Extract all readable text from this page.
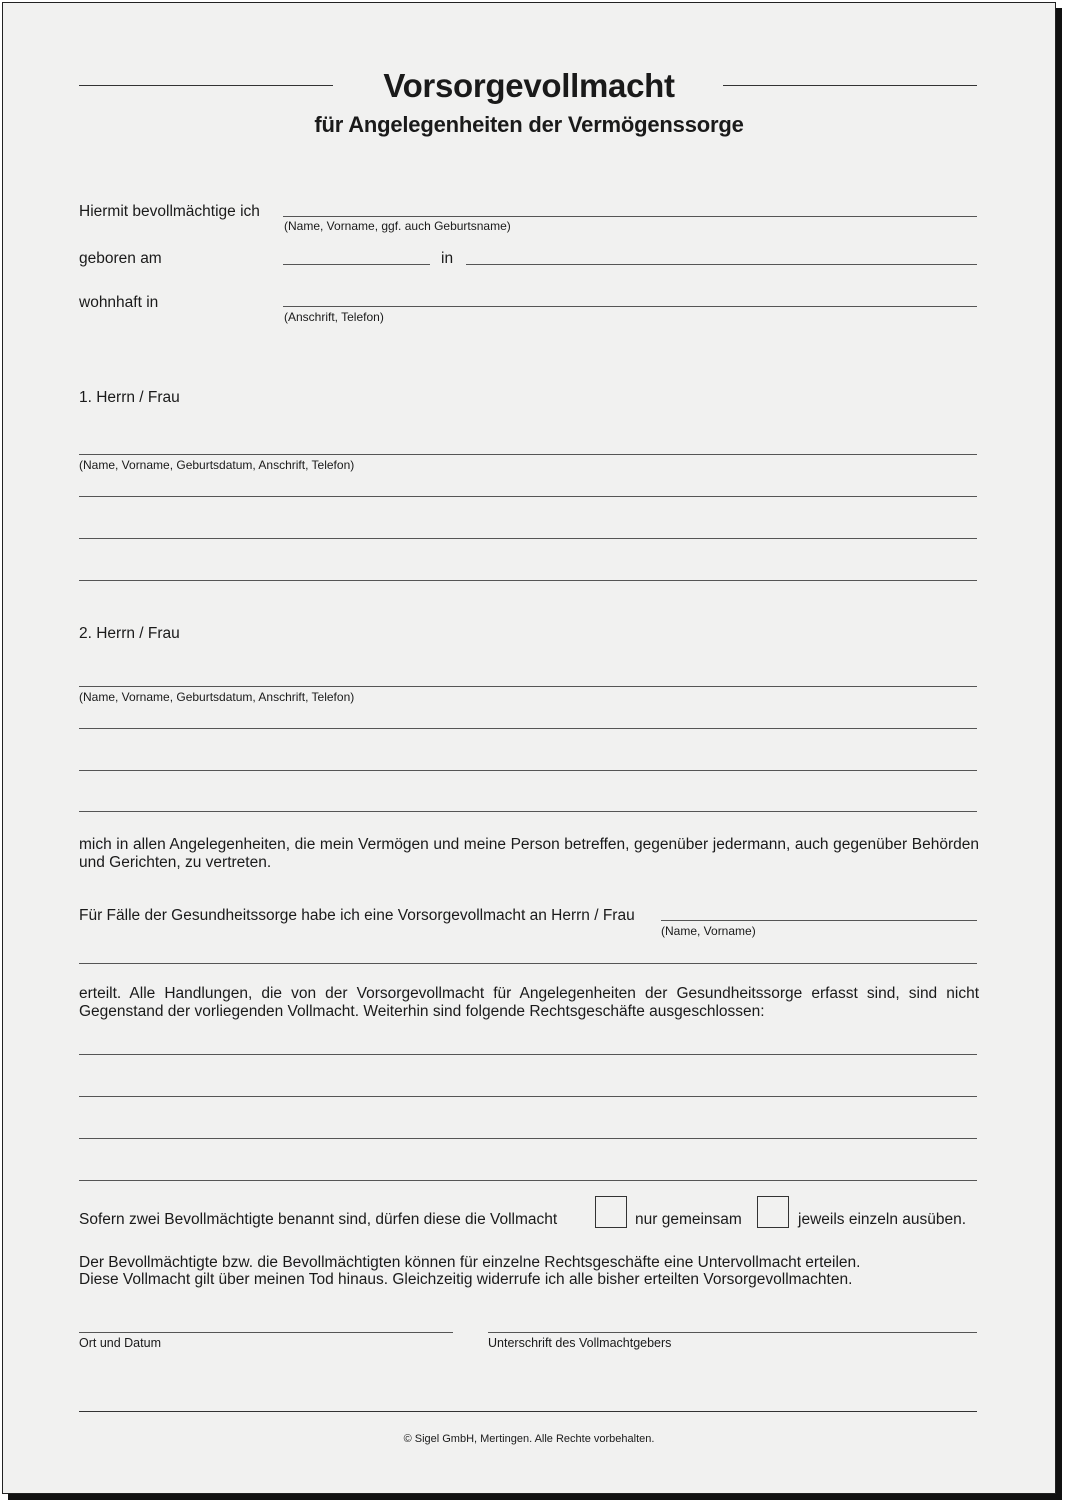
Vorsorgevollmacht
für Angelegenheiten der Vermögenssorge
Hiermit bevollmächtige ich
(Name, Vorname, ggf. auch Geburtsname)
geboren am	in
wohnhaft in
(Anschrift, Telefon)
1. Herrn / Frau
(Name, Vorname, Geburtsdatum, Anschrift, Telefon)
2. Herrn / Frau
(Name, Vorname, Geburtsdatum, Anschrift, Telefon)
mich in allen Angelegenheiten, die mein Vermögen und meine Person betreffen, gegenüber jedermann, auch gegenüber Behörden und Gerichten, zu vertreten.
Für Fälle der Gesundheitssorge habe ich eine Vorsorgevollmacht an Herrn / Frau
(Name, Vorname)
erteilt. Alle Handlungen, die von der Vorsorgevollmacht für Angelegenheiten der Gesundheitssorge erfasst sind, sind nicht Gegenstand der vorliegenden Vollmacht. Weiterhin sind folgende Rechtsgeschäfte ausgeschlossen:
Sofern zwei Bevollmächtigte benannt sind, dürfen diese die Vollmacht	nur gemeinsam	jeweils einzeln ausüben.
Der Bevollmächtigte bzw. die Bevollmächtigten können für einzelne Rechtsgeschäfte eine Untervollmacht erteilen.
Diese Vollmacht gilt über meinen Tod hinaus. Gleichzeitig widerrufe ich alle bisher erteilten Vorsorgevollmachten.
Ort und Datum	Unterschrift des Vollmachtgebers
© Sigel GmbH, Mertingen. Alle Rechte vorbehalten.
